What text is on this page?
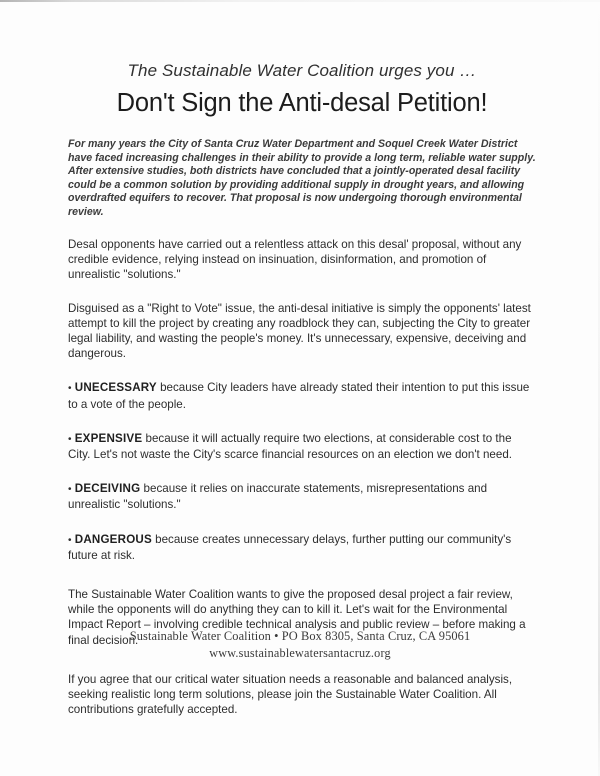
The Sustainable Water Coalition urges you …

Don't Sign the Anti-desal Petition!

For many years the City of Santa Cruz Water Department and Soquel Creek Water District have faced increasing challenges in their ability to provide a long term, reliable water supply. After extensive studies, both districts have concluded that a jointly-operated desal facility could be a common solution by providing additional supply in drought years, and allowing overdrafted equifers to recover. That proposal is now undergoing thorough environmental review.

Desal opponents have carried out a relentless attack on this desal' proposal, without any credible evidence, relying instead on insinuation, disinformation, and promotion of unrealistic "solutions."

Disguised as a "Right to Vote" issue, the anti-desal initiative is simply the opponents' latest attempt to kill the project by creating any roadblock they can, subjecting the City to greater legal liability, and wasting the people's money. It's unnecessary, expensive, deceiving and dangerous.

• UNECESSARY because City leaders have already stated their intention to put this issue to a vote of the people.

• EXPENSIVE because it will actually require two elections, at considerable cost to the City. Let's not waste the City's scarce financial resources on an election we don't need.

• DECEIVING because it relies on inaccurate statements, misrepresentations and unrealistic "solutions."

• DANGEROUS because creates unnecessary delays, further putting our community's future at risk.

The Sustainable Water Coalition wants to give the proposed desal project a fair review, while the opponents will do anything they can to kill it. Let's wait for the Environmental Impact Report – involving credible technical analysis and public review – before making a final decision.

If you agree that our critical water situation needs a reasonable and balanced analysis, seeking realistic long term solutions, please join the Sustainable Water Coalition. All contributions gratefully accepted.

Sustainable Water Coalition • PO Box 8305, Santa Cruz, CA 95061

www.sustainablewatersantacruz.org
